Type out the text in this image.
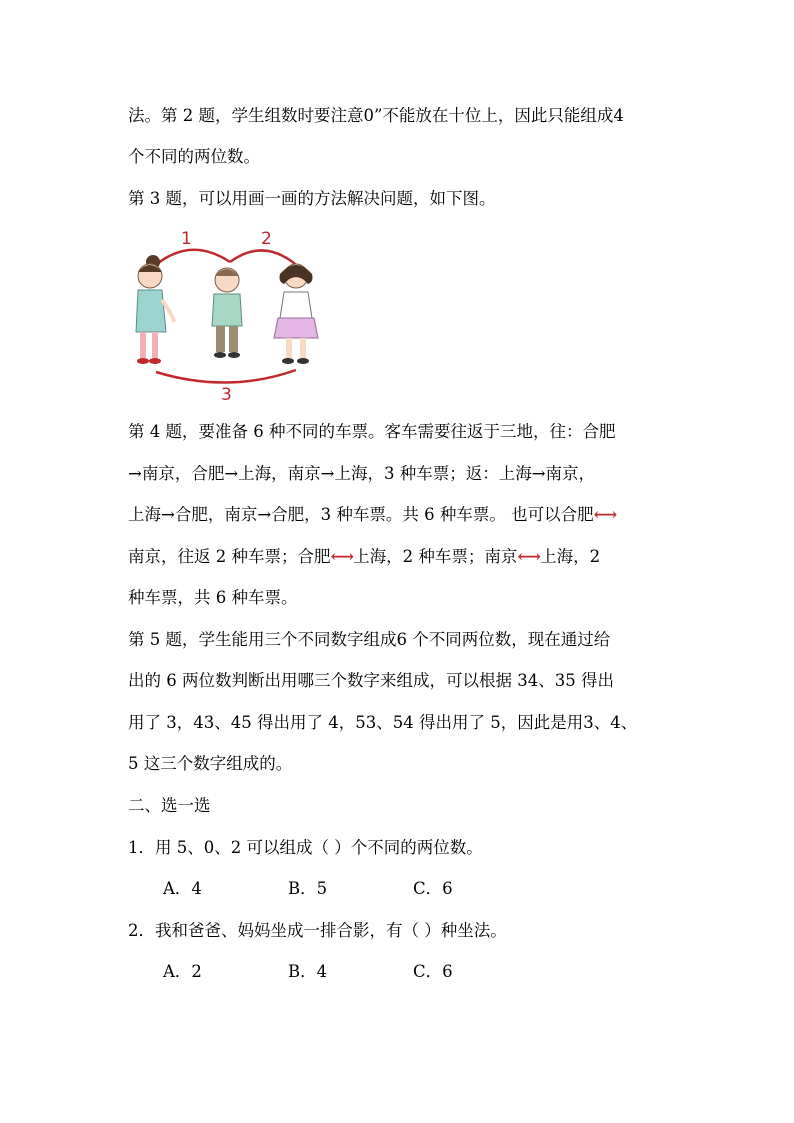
法。第 2 题，学生组数时要注意0”不能放在十位上，因此只能组成4
个不同的两位数。
第 3 题，可以用画一画的方法解决问题，如下图。
1	2
3
第 4 题，要准备 6 种不同的车票。客车需要往返于三地，往：合肥
→南京，合肥→上海，南京→上海，3 种车票；返：上海→南京，
上海→合肥，南京→合肥，3 种车票。共 6 种车票。 也可以合肥⟷
南京，往返 2 种车票；合肥⟷上海，2 种车票；南京⟷上海，2
种车票，共 6 种车票。
第 5 题，学生能用三个不同数字组成6 个不同两位数，现在通过给
出的 6 两位数判断出用哪三个数字来组成，可以根据 34、35 得出
用了 3，43、45 得出用了 4，53、54 得出用了 5，因此是用3、4、
5 这三个数字组成的。
二、选一选
1．用 5、0、2 可以组成（ ）个不同的两位数。
A．4	B．5	C．6
2．我和爸爸、妈妈坐成一排合影，有（ ）种坐法。
A．2	B．4	C．6
